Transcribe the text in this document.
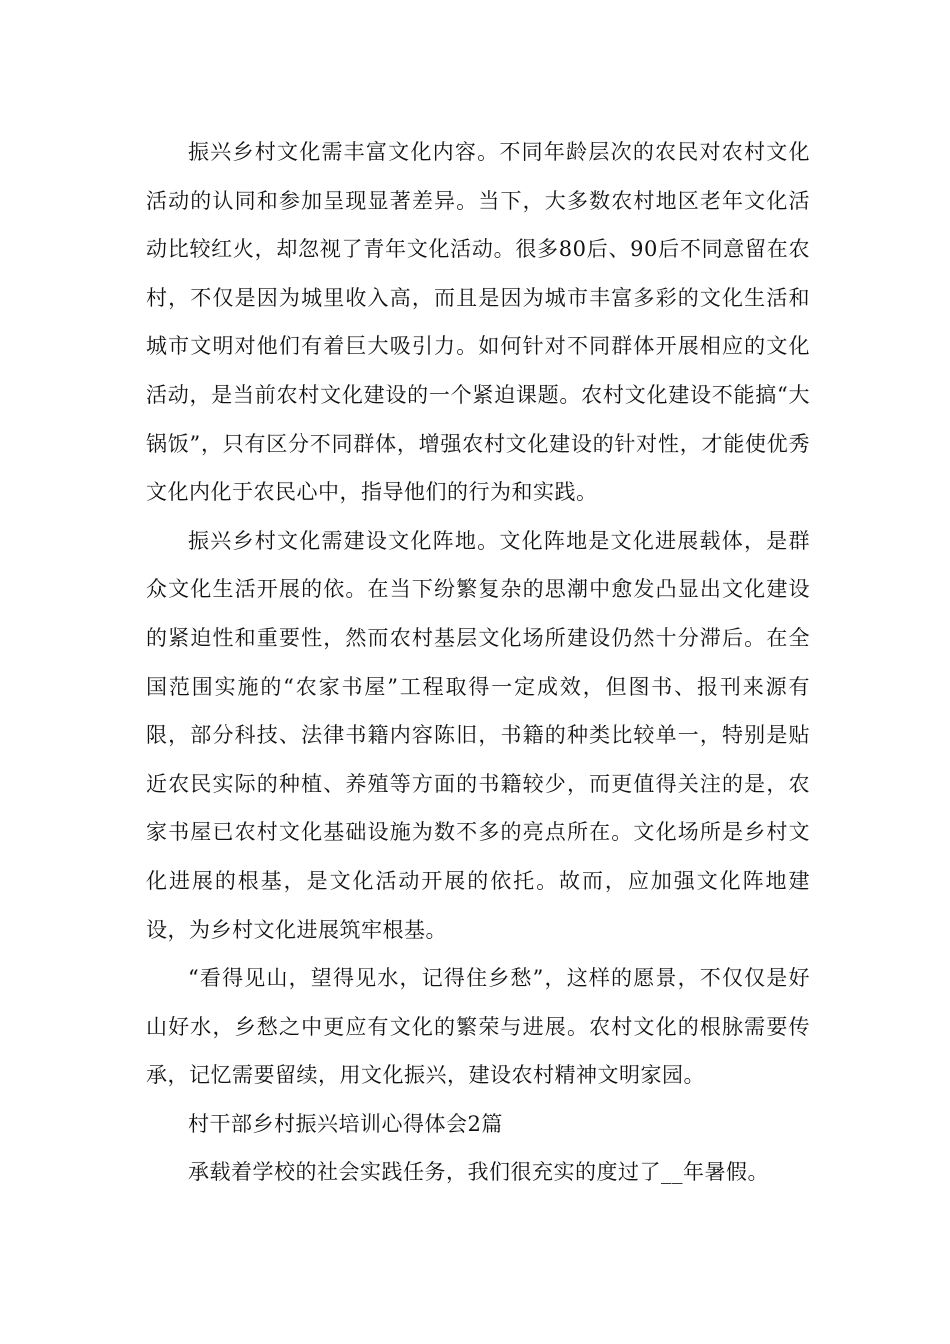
振兴乡村文化需丰富文化内容。不同年龄层次的农民对农村文化活动的认同和参加呈现显著差异。当下，大多数农村地区老年文化活动比较红火，却忽视了青年文化活动。很多80后、90后不同意留在农村，不仅是因为城里收入高，而且是因为城市丰富多彩的文化生活和城市文明对他们有着巨大吸引力。如何针对不同群体开展相应的文化活动，是当前农村文化建设的一个紧迫课题。农村文化建设不能搞“大锅饭”，只有区分不同群体，增强农村文化建设的针对性，才能使优秀文化内化于农民心中，指导他们的行为和实践。

振兴乡村文化需建设文化阵地。文化阵地是文化进展载体，是群众文化生活开展的依。在当下纷繁复杂的思潮中愈发凸显出文化建设的紧迫性和重要性，然而农村基层文化场所建设仍然十分滞后。在全国范围实施的“农家书屋”工程取得一定成效，但图书、报刊来源有限，部分科技、法律书籍内容陈旧，书籍的种类比较单一，特别是贴近农民实际的种植、养殖等方面的书籍较少，而更值得关注的是，农家书屋已农村文化基础设施为数不多的亮点所在。文化场所是乡村文化进展的根基，是文化活动开展的依托。故而，应加强文化阵地建设，为乡村文化进展筑牢根基。

“看得见山，望得见水，记得住乡愁”，这样的愿景，不仅仅是好山好水，乡愁之中更应有文化的繁荣与进展。农村文化的根脉需要传承，记忆需要留续，用文化振兴，建设农村精神文明家园。

村干部乡村振兴培训心得体会2篇

承载着学校的社会实践任务，我们很充实的度过了__年暑假。
